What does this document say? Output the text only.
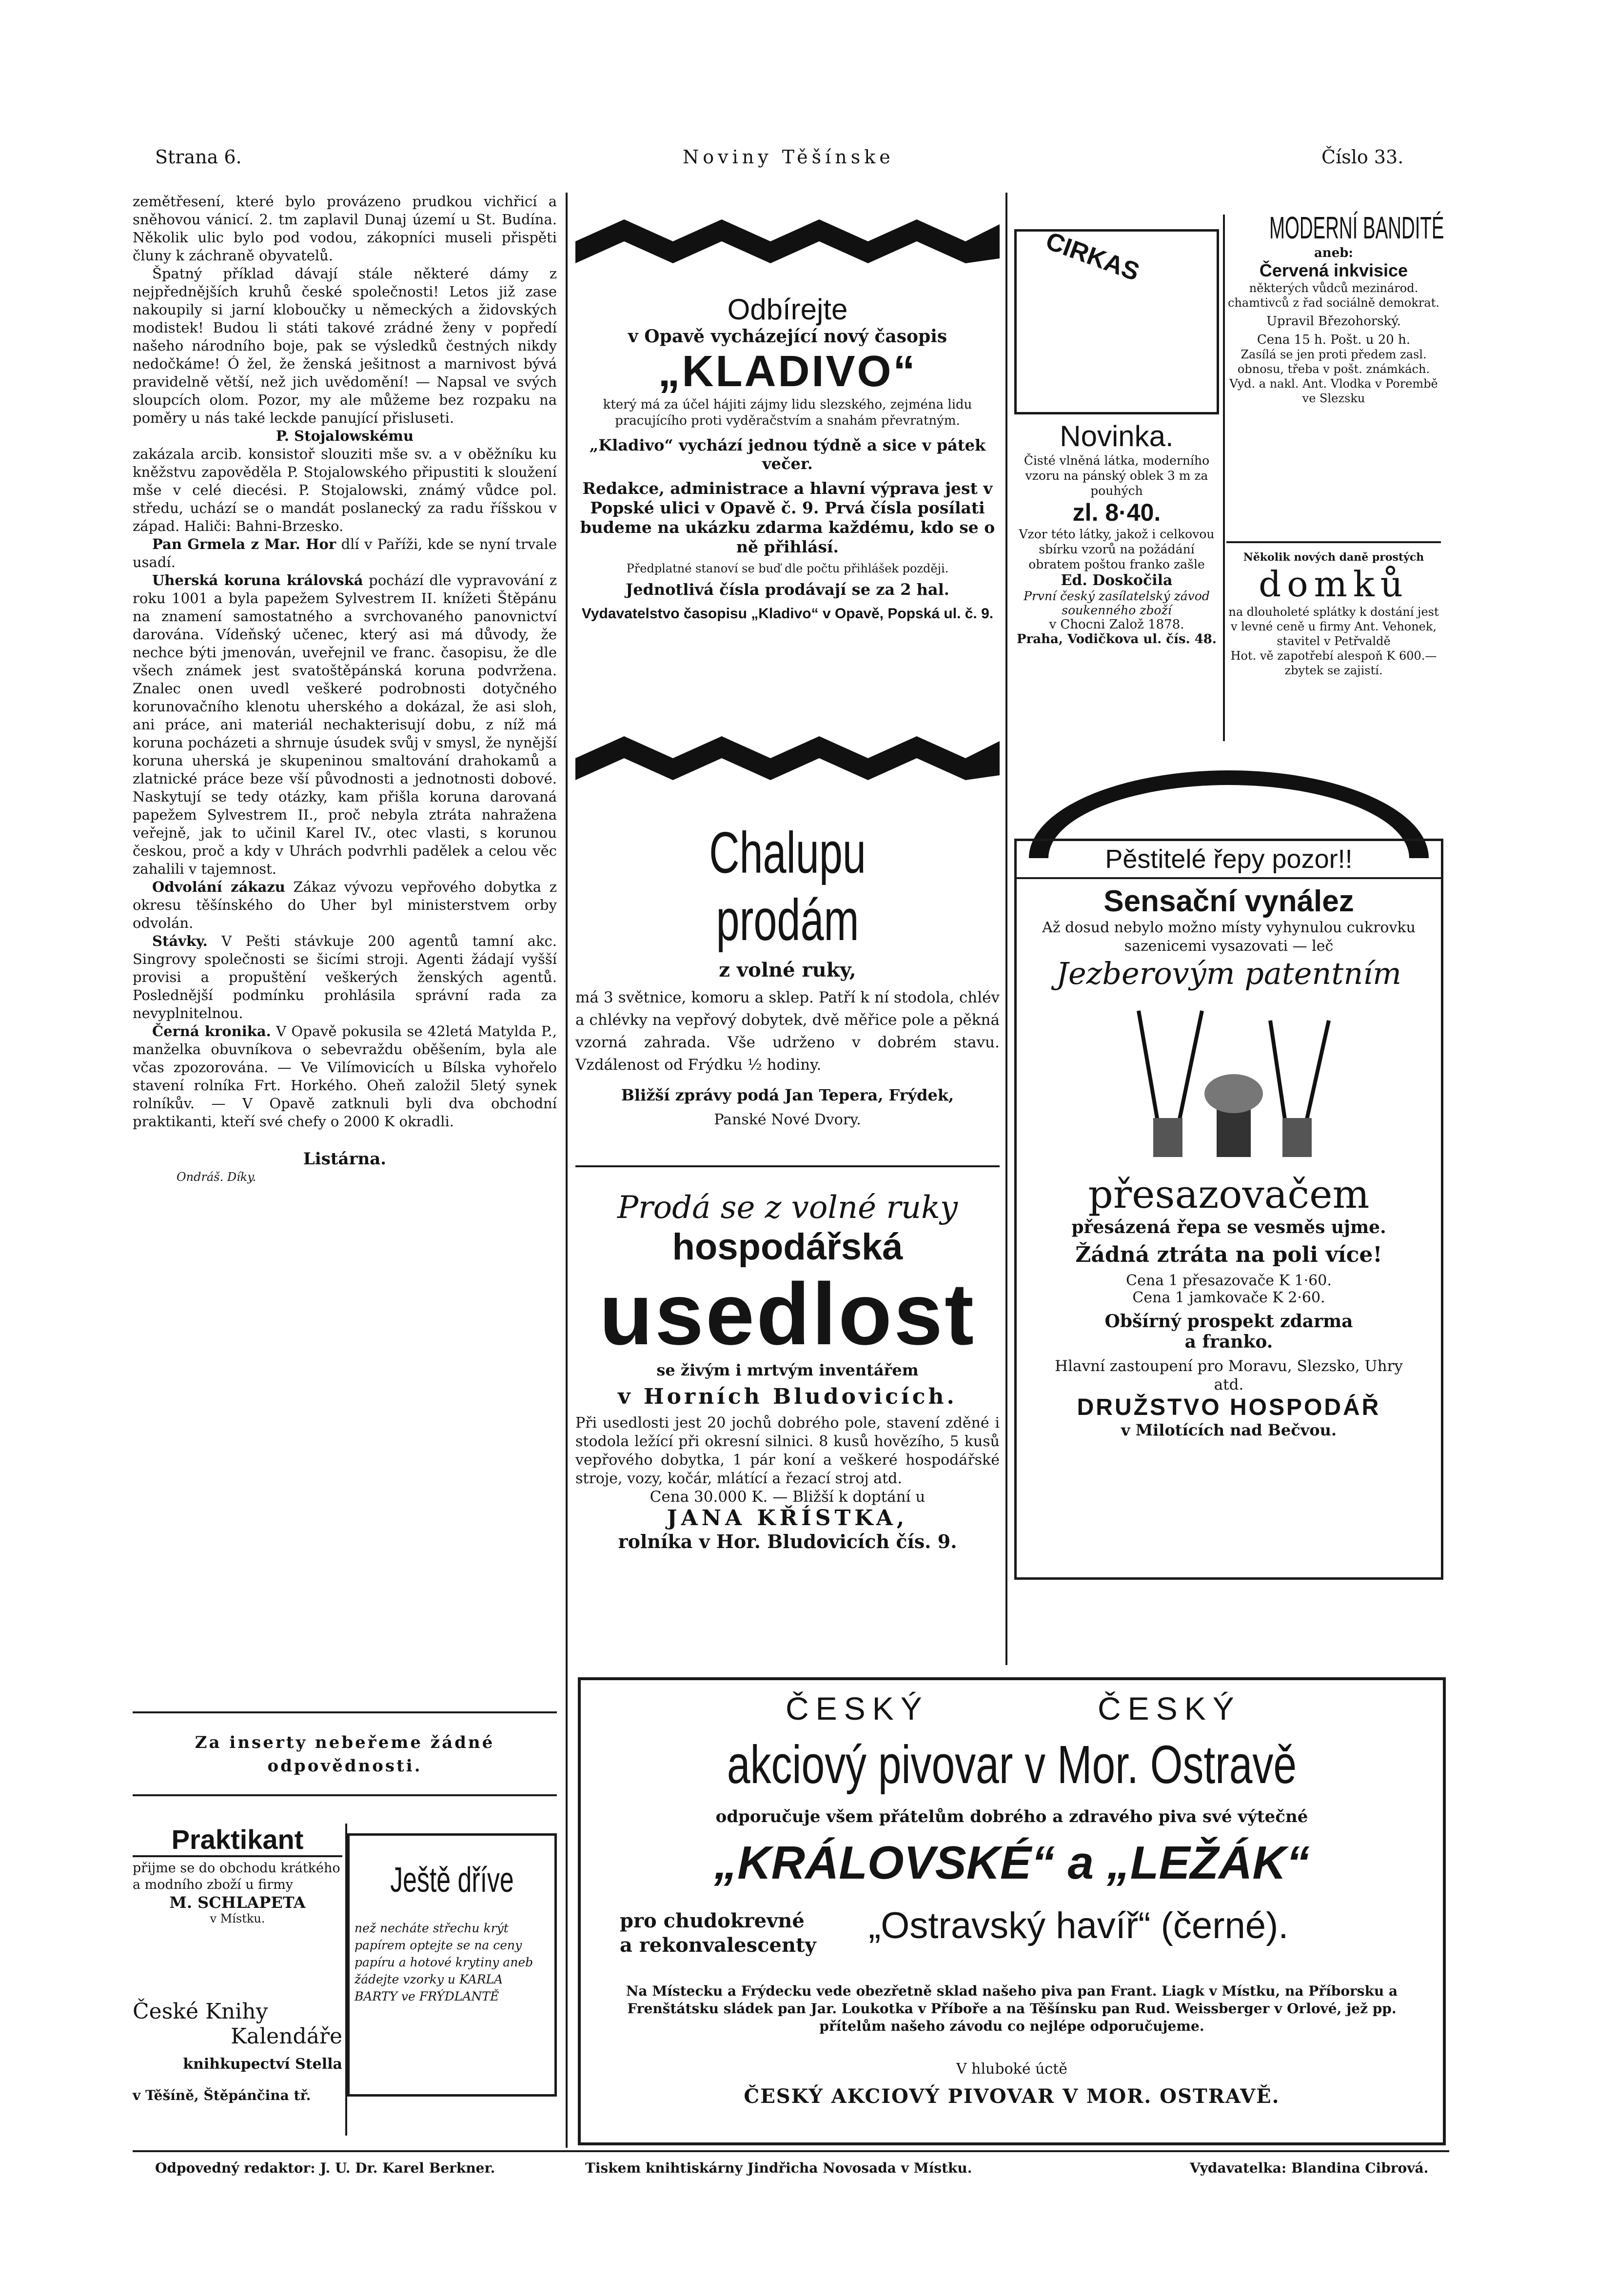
Strana 6.	Noviny Těšínske	Číslo 33.

zemětřesení, které bylo provázeno prudkou vichřicí a sněhovou vánicí. 2. tm zaplavil Dunaj území u St. Budína. Několik ulic bylo pod vodou, zákopníci museli přispěti čluny k záchraně obyvatelů.

Špatný příklad dávají stále některé dámy z nejpřednějších kruhů české společnosti! Letos již zase nakoupily si jarní kloboučky u německých a židovských modistek! Budou li státi takové zrádné ženy v popředí našeho národního boje, pak se výsledků čestných nikdy nedočkáme! Ó žel, že ženská ješitnost a marnivost bývá pravidelně větší, než jich uvědomění! — Napsal ve svých sloupcích olom. Pozor, my ale můžeme bez rozpaku na poměry u nás také leckde panující přisluseti.

P. Stojalowskému

zakázala arcib. konsistoř slouziti mše sv. a v oběžníku ku kněžstvu zapověděla P. Stojalowského připustiti k sloužení mše v celé diecési. P. Stojalowski, známý vůdce pol. středu, uchází se o mandát poslanecký za radu říšskou v západ. Haliči: Bahni-Brzesko.

Pan Grmela z Mar. Hor dlí v Paříži, kde se nyní trvale usadí.

Uherská koruna královská pochází dle vypravování z roku 1001 a byla papežem Sylvestrem II. knížeti Štěpánu na znamení samostatného a svrchovaného panovnictví darována. Vídeňský učenec, který asi má důvody, že nechce býti jmenován, uveřejnil ve franc. časopisu, že dle všech známek jest svatoštěpánská koruna podvržena. Znalec onen uvedl veškeré podrobnosti dotyčného korunovačního klenotu uherského a dokázal, že asi sloh, ani práce, ani materiál nechakterisují dobu, z níž má koruna pocházeti a shrnuje úsudek svůj v smysl, že nynější koruna uherská je skupeninou smaltování drahokamů a zlatnické práce beze vší původnosti a jednotnosti dobové. Naskytují se tedy otázky, kam přišla koruna darovaná papežem Sylvestrem II., proč nebyla ztráta nahražena veřejně, jak to učinil Karel IV., otec vlasti, s korunou českou, proč a kdy v Uhrách podvrhli padělek a celou věc zahalili v tajemnost.

Odvolání zákazu Zákaz vývozu vepřového dobytka z okresu těšínského do Uher byl ministerstvem orby odvolán.

Stávky. V Pešti stávkuje 200 agentů tamní akc. Singrovy společnosti se šicími stroji. Agenti žádají vyšší provisi a propuštění veškerých ženských agentů. Poslednější podmínku prohlásila správní rada za nevyplnitelnou.

Černá kronika. V Opavě pokusila se 42letá Matylda P., manželka obuvníkova o sebevraždu oběšením, byla ale včas zpozorována. — Ve Vilímovicích u Bílska vyhořelo stavení rolníka Frt. Horkého. Oheň založil 5letý synek rolníkův. — V Opavě zatknuli byli dva obchodní praktikanti, kteří své chefy o 2000 K okradli.

Listárna.

Ondráš. Díky.

Za inserty nebeřeme žádné odpovědnosti.
Praktikant
přijme se do obchodu krátkého a modního zboží u firmy
M. SCHLAPETA
v Místku.
České Knihy
Kalendáře
knihkupectví Stella
v Těšíně, Štěpánčina tř.
Ještě dříve
než necháte střechu krýt papírem optejte se na ceny papíru a hotové krytiny aneb žádejte vzorky u KARLA BARTY ve FRÝDLANTĚ
Odbírejte
v Opavě vycházející nový časopis
„KLADIVO“
který má za účel hájiti zájmy lidu slezského, zejména lidu pracujícího proti vyděračstvím a snahám převratným.
„Kladivo“ vychází jednou týdně a sice v pátek večer.
Redakce, administrace a hlavní výprava jest v Popské ulici v Opavě č. 9. Prvá čísla posílati budeme na ukázku zdarma každému, kdo se o ně přihlásí.
Předplatné stanoví se buď dle počtu přihlášek později.
Jednotlivá čísla prodávají se za 2 hal.
Vydavatelstvo časopisu „Kladivo“ v Opavě, Popská ul. č. 9.
Chalupu prodám
z volné ruky,
má 3 světnice, komoru a sklep. Patří k ní stodola, chlév a chlévky na vepřový dobytek, dvě měřice pole a pěkná vzorná zahrada. Vše udrženo v dobrém stavu. Vzdálenost od Frýdku ½ hodiny.
Bližší zprávy podá Jan Tepera, Frýdek,
Panské Nové Dvory.
Prodá se z volné ruky
hospodářská
usedlost
se živým i mrtvým inventářem
v Horních Bludovicích.
Při usedlosti jest 20 jochů dobrého pole, stavení zděné i stodola ležící při okresní silnici. 8 kusů hovězího, 5 kusů vepřového dobytka, 1 pár koní a veškeré hospodářské stroje, vozy, kočár, mlátící a řezací stroj atd.
Cena 30.000 K. — Bližší k doptání u
JANA KŘÍSTKA,
rolníka v Hor. Bludovicích čís. 9.
CIRKAS
Novinka.
Čisté vlněná látka, moderního vzoru na pánský oblek 3 m za pouhých
zl. 8·40.
Vzor této látky, jakož i celkovou sbírku vzorů na požádání obratem poštou franko zašle
Ed. Doskočila
První český zasílatelský závod soukenného zboží
v Chocni Založ 1878.
Praha, Vodičkova ul. čís. 48.
MODERNÍ BANDITÉ
aneb:
Červená inkvisice
některých vůdců mezinárod. chamtivců z řad sociálně demokrat.
Upravil Březohorský.
Cena 15 h. Pošt. u 20 h.
Zasílá se jen proti předem zasl. obnosu, třeba v pošt. známkách.
Vyd. a nakl. Ant. Vlodka v Porembě ve Slezsku
Několik nových daně prostých
domků
na dlouholeté splátky k dostání jest v levné ceně u firmy Ant. Vehonek, stavitel v Petřvaldě
Hot. vě zapotřebí alespoň K 600.— zbytek se zajistí.
Pěstitelé řepy pozor!!
Sensační vynález
Až dosud nebylo možno místy vyhynulou cukrovku sazenicemi vysazovati — leč
Jezberovým patentním
přesazovačem
přesázená řepa se vesměs ujme.
Žádná ztráta na poli více!
Cena 1 přesazovače K 1·60.
Cena 1 jamkovače K 2·60.
Obšírný prospekt zdarma a franko.
Hlavní zastoupení pro Moravu, Slezsko, Uhry atd.
DRUŽSTVO HOSPODÁŘ
v Milotících nad Bečvou.
ČESKÝ	ČESKÝ
akciový pivovar v Mor. Ostravě
odporučuje všem přátelům dobrého a zdravého piva své výtečné
„KRÁLOVSKÉ“ a „LEŽÁK“
pro chudokrevné
a rekonvalescenty „Ostravský havíř“ (černé).
Na Místecku a Frýdecku vede obezřetně sklad našeho piva pan Frant. Liagk v Místku, na Příborsku a Frenštátsku sládek pan Jar. Loukotka v Příboře a na Těšínsku pan Rud. Weissberger v Orlové, jež pp. přítelům našeho závodu co nejlépe odporučujeme.
V hluboké úctě
ČESKÝ AKCIOVÝ PIVOVAR V MOR. OSTRAVĚ.
Odpovedný redaktor: J. U. Dr. Karel Berkner.	Tiskem knihtiskárny Jindřicha Novosada v Místku.	Vydavatelka: Blandina Cibrová.
